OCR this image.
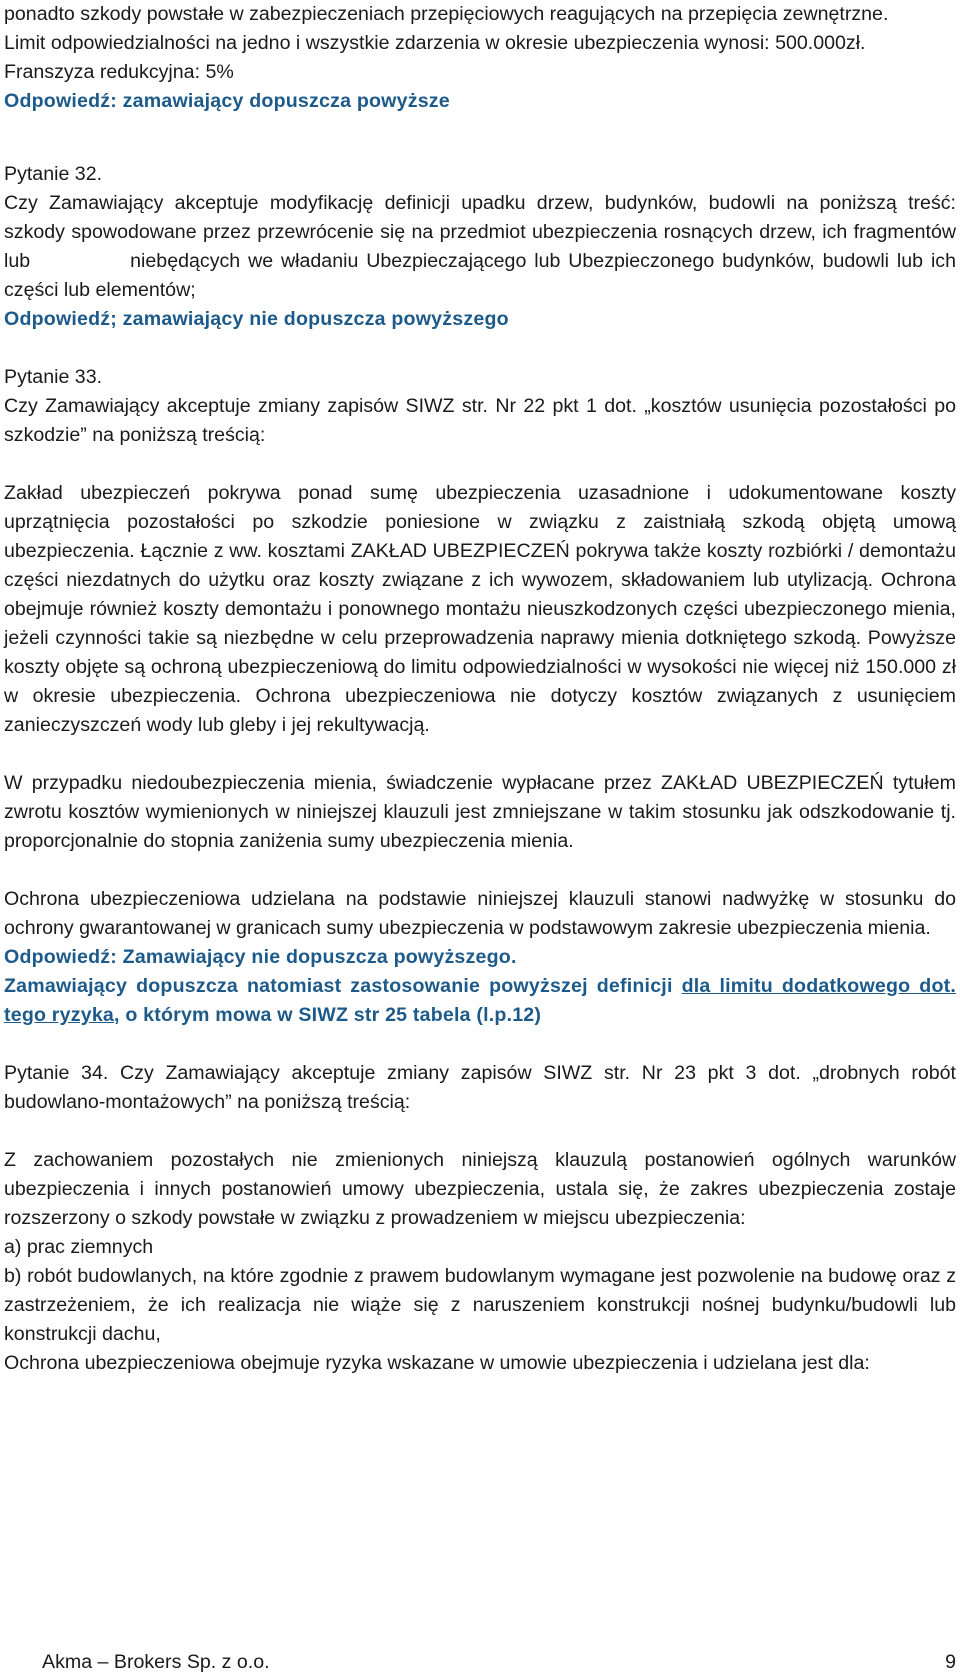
ponadto szkody powstałe w zabezpieczeniach przepięciowych reagujących na przepięcia zewnętrzne.

Limit odpowiedzialności na jedno i wszystkie zdarzenia w okresie ubezpieczenia wynosi: 500.000zł.

Franszyza redukcyjna: 5%

Odpowiedź: zamawiający dopuszcza powyższe

Pytanie 32.

Czy Zamawiający akceptuje modyfikację definicji upadku drzew, budynków, budowli na poniższą treść: szkody spowodowane przez przewrócenie się na przedmiot ubezpieczenia rosnących drzew, ich fragmentów lub	niebędących we władaniu Ubezpieczającego lub Ubezpieczonego budynków, budowli lub ich części lub elementów;

Odpowiedź; zamawiający nie dopuszcza powyższego

Pytanie 33.

Czy Zamawiający akceptuje zmiany zapisów SIWZ str. Nr 22 pkt 1 dot. „kosztów usunięcia pozostałości po szkodzie” na poniższą treścią:

Zakład ubezpieczeń pokrywa ponad sumę ubezpieczenia uzasadnione i udokumentowane koszty uprzątnięcia pozostałości po szkodzie poniesione w związku z zaistniałą szkodą objętą umową ubezpieczenia. Łącznie z ww. kosztami ZAKŁAD UBEZPIECZEŃ pokrywa także koszty rozbiórki / demontażu części niezdatnych do użytku oraz koszty związane z ich wywozem, składowaniem lub utylizacją. Ochrona obejmuje również koszty demontażu i ponownego montażu nieuszkodzonych części ubezpieczonego mienia, jeżeli czynności takie są niezbędne w celu przeprowadzenia naprawy mienia dotkniętego szkodą. Powyższe koszty objęte są ochroną ubezpieczeniową do limitu odpowiedzialności w wysokości nie więcej niż 150.000 zł w okresie ubezpieczenia. Ochrona ubezpieczeniowa nie dotyczy kosztów związanych z usunięciem zanieczyszczeń wody lub gleby i jej rekultywacją.

W przypadku niedoubezpieczenia mienia, świadczenie wypłacane przez ZAKŁAD UBEZPIECZEŃ tytułem zwrotu kosztów wymienionych w niniejszej klauzuli jest zmniejszane w takim stosunku jak odszkodowanie tj. proporcjonalnie do stopnia zaniżenia sumy ubezpieczenia mienia.

Ochrona ubezpieczeniowa udzielana na podstawie niniejszej klauzuli stanowi nadwyżkę w stosunku do ochrony gwarantowanej w granicach sumy ubezpieczenia w podstawowym zakresie ubezpieczenia mienia.

Odpowiedź: Zamawiający nie dopuszcza powyższego.

Zamawiający dopuszcza natomiast zastosowanie powyższej definicji dla limitu dodatkowego dot. tego ryzyka, o którym mowa w SIWZ str 25 tabela (l.p.12)

Pytanie 34. Czy Zamawiający akceptuje zmiany zapisów SIWZ str. Nr 23 pkt 3 dot. „drobnych robót budowlano-montażowych” na poniższą treścią:

Z zachowaniem pozostałych nie zmienionych niniejszą klauzulą postanowień ogólnych warunków ubezpieczenia i innych postanowień umowy ubezpieczenia, ustala się, że zakres ubezpieczenia zostaje rozszerzony o szkody powstałe w związku z prowadzeniem w miejscu ubezpieczenia:

a) prac ziemnych

b) robót budowlanych, na które zgodnie z prawem budowlanym wymagane jest pozwolenie na budowę oraz z zastrzeżeniem, że ich realizacja nie wiąże się z naruszeniem konstrukcji nośnej budynku/budowli lub konstrukcji dachu,

Ochrona ubezpieczeniowa obejmuje ryzyka wskazane w umowie ubezpieczenia i udzielana jest dla:

Akma – Brokers Sp. z o.o.	9
